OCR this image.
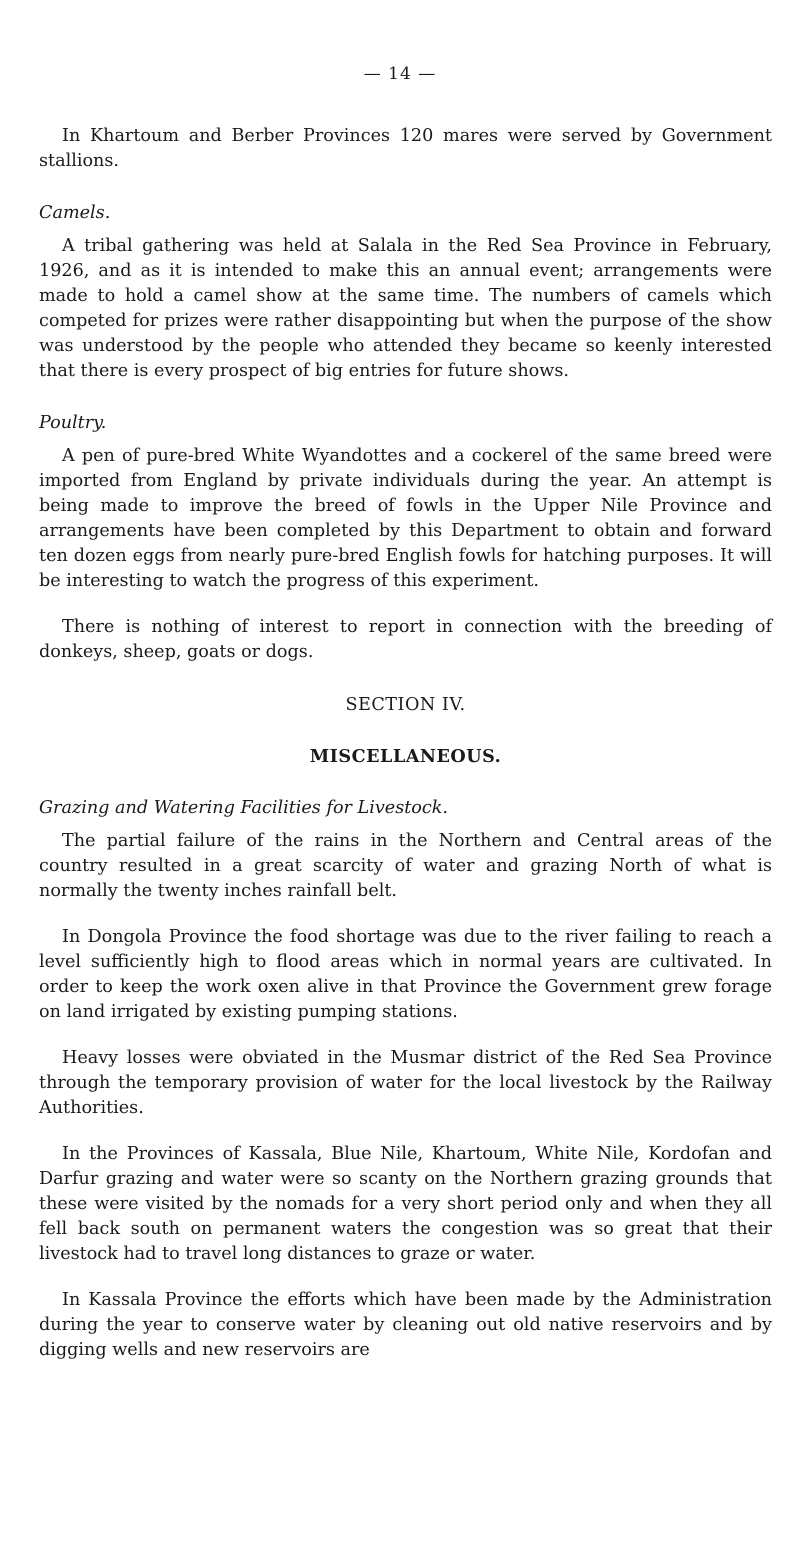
— 14 —

In Khartoum and Berber Provinces 120 mares were served by Government stallions.

Camels.

A tribal gathering was held at Salala in the Red Sea Province in February, 1926, and as it is intended to make this an annual event; arrangements were made to hold a camel show at the same time. The numbers of camels which competed for prizes were rather disappointing but when the purpose of the show was understood by the people who attended they became so keenly interested that there is every prospect of big entries for future shows.

Poultry.

A pen of pure-bred White Wyandottes and a cockerel of the same breed were imported from England by private individuals during the year. An attempt is being made to improve the breed of fowls in the Upper Nile Province and arrangements have been completed by this Department to obtain and forward ten dozen eggs from nearly pure-bred English fowls for hatching purposes. It will be interesting to watch the progress of this experiment.

There is nothing of interest to report in connection with the breeding of donkeys, sheep, goats or dogs.

SECTION IV.

MISCELLANEOUS.

Grazing and Watering Facilities for Livestock.

The partial failure of the rains in the Northern and Central areas of the country resulted in a great scarcity of water and grazing North of what is normally the twenty inches rainfall belt.

In Dongola Province the food shortage was due to the river failing to reach a level sufficiently high to flood areas which in normal years are cultivated. In order to keep the work oxen alive in that Province the Government grew forage on land irrigated by existing pumping stations.

Heavy losses were obviated in the Musmar district of the Red Sea Province through the temporary provision of water for the local livestock by the Railway Authorities.

In the Provinces of Kassala, Blue Nile, Khartoum, White Nile, Kordofan and Darfur grazing and water were so scanty on the Northern grazing grounds that these were visited by the nomads for a very short period only and when they all fell back south on permanent waters the congestion was so great that their livestock had to travel long distances to graze or water.

In Kassala Province the efforts which have been made by the Administration during the year to conserve water by cleaning out old native reservoirs and by digging wells and new reservoirs are
